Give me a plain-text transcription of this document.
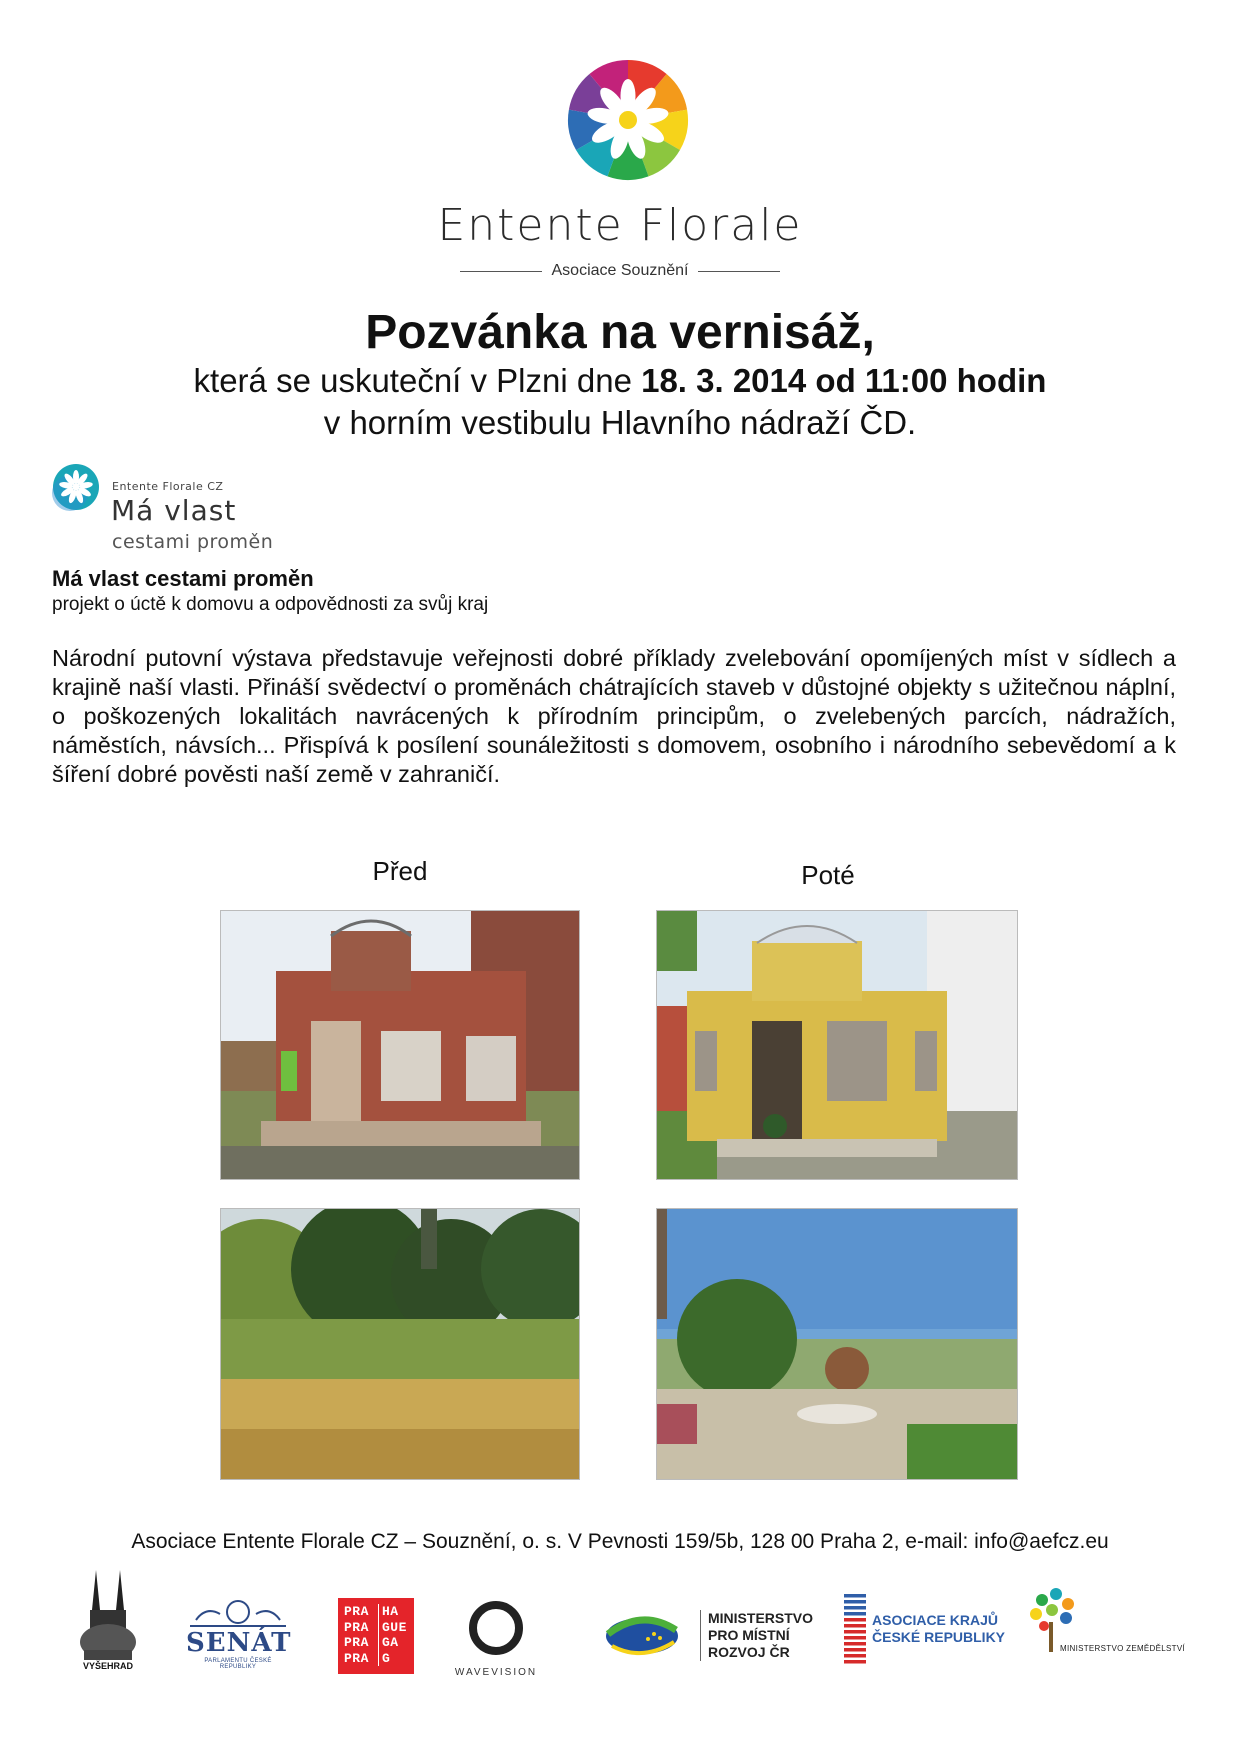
Entente Florale
Asociace Souznění
Pozvánka na vernisáž,
která se uskuteční v Plzni dne 18. 3. 2014 od 11:00 hodin
v horním vestibulu Hlavního nádraží ČD.
Entente Florale CZ
Má vlast
cestami proměn
Má vlast cestami proměn
projekt o úctě k domovu a odpovědnosti za svůj kraj
Národní putovní výstava představuje veřejnosti dobré příklady zvelebování opomíjených míst v sídlech a krajině naší vlasti. Přináší svědectví o proměnách chátrajících staveb v důstojné objekty s užitečnou náplní, o poškozených lokalitách navrácených k přírodním principům, o zvelebených parcích, nádražích, náměstích, návsích... Přispívá k posílení sounáležitosti s domovem, osobního i národního sebevědomí a k šíření dobré pověsti naší země v zahraničí.
Před	Poté
Asociace Entente Florale CZ – Souznění, o. s. V Pevnosti 159/5b, 128 00 Praha 2, e-mail: info@aefcz.eu
VYŠEHRAD
SENÁT
PARLAMENTU ČESKÉ REPUBLIKY
PRA
PRA
PRA
PRA
HA
GUE
GA
G
WAVEVISION
MINISTERSTVO
PRO MÍSTNÍ
ROZVOJ ČR
ASOCIACE KRAJŮ
ČESKÉ REPUBLIKY
MINISTERSTVO ZEMĚDĚLSTVÍ
